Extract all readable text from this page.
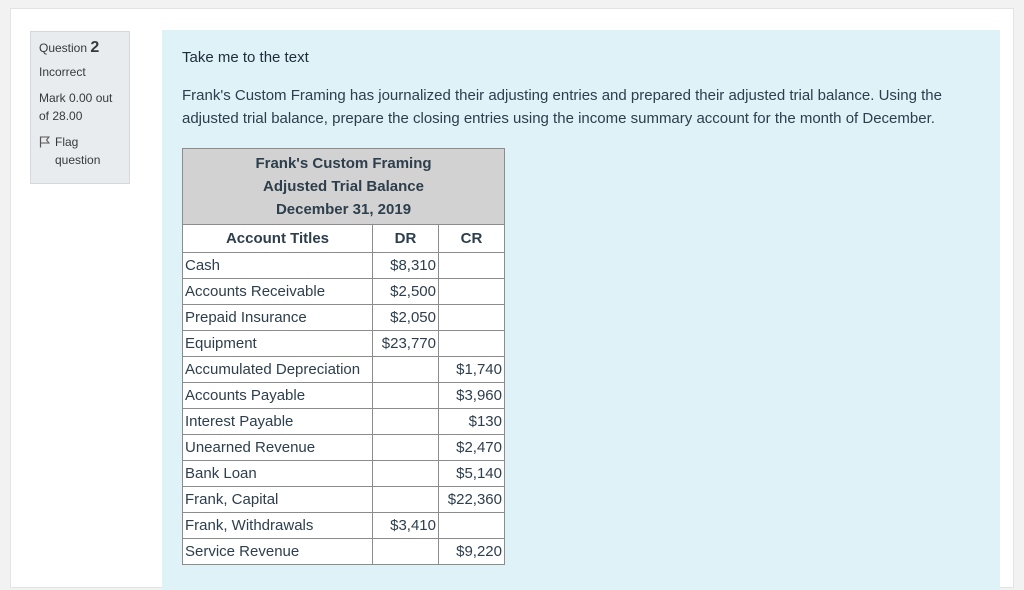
Question 2
Incorrect
Mark 0.00 out of 28.00
Flag question
Take me to the text
Frank's Custom Framing has journalized their adjusting entries and prepared their adjusted trial balance. Using the adjusted trial balance, prepare the closing entries using the income summary account for the month of December.
Frank's Custom Framing
Adjusted Trial Balance
December 31, 2019		

Account Titles	DR	CR
Cash	$8,310	
Accounts Receivable	$2,500	
Prepaid Insurance	$2,050	
Equipment	$23,770	
Accumulated Depreciation		$1,740
Accounts Payable		$3,960
Interest Payable		$130
Unearned Revenue		$2,470
Bank Loan		$5,140
Frank, Capital		$22,360
Frank, Withdrawals	$3,410	
Service Revenue		$9,220
